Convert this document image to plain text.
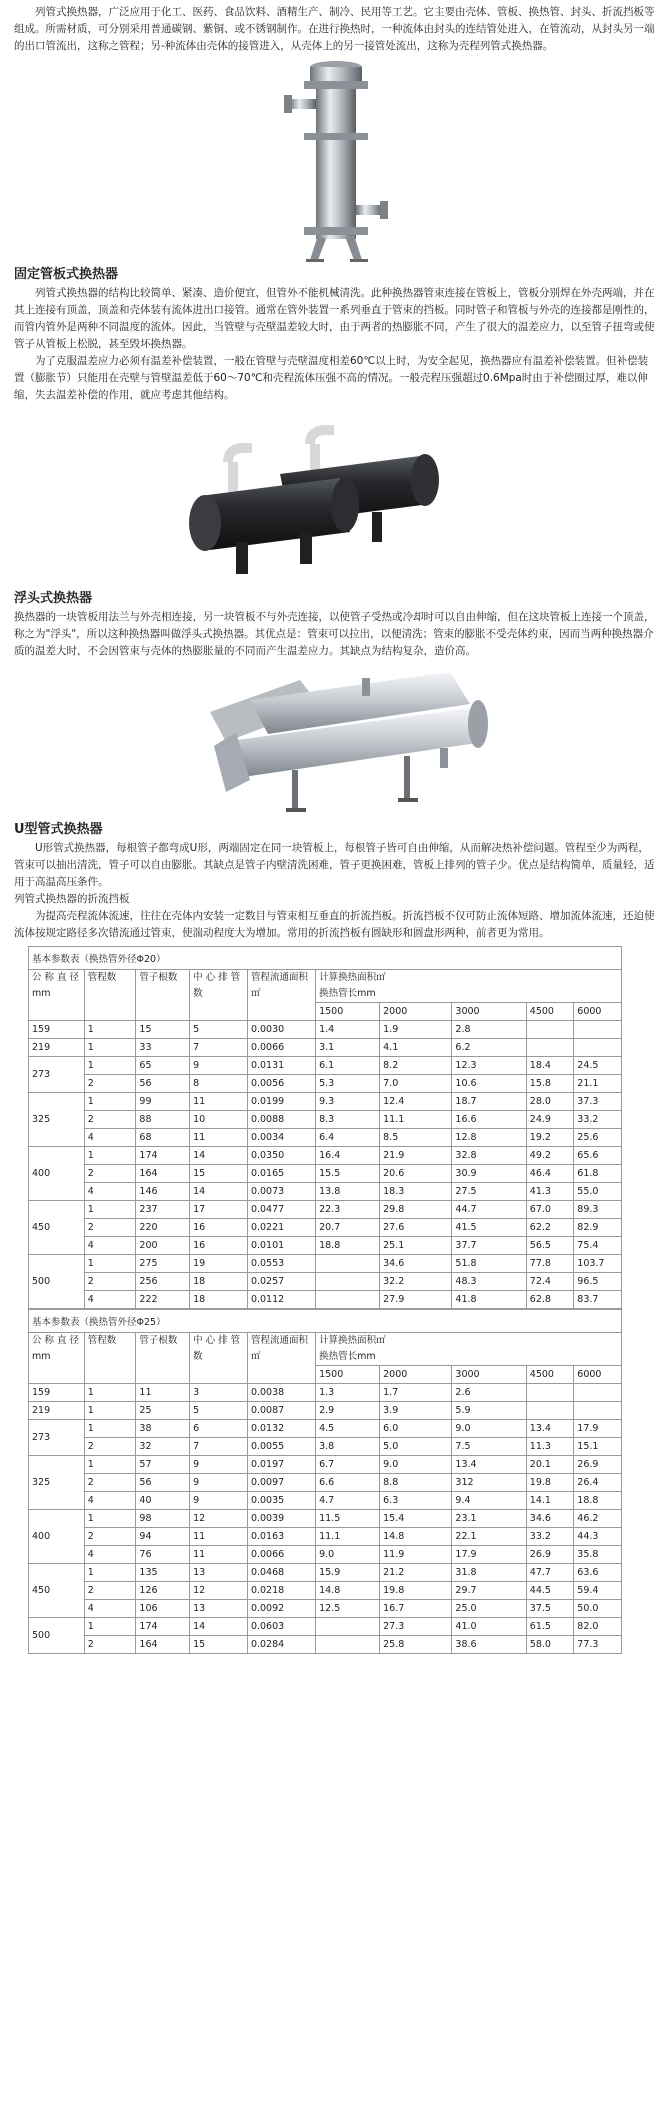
列管式换热器，广泛应用于化工、医药、食品饮料、酒精生产、制冷、民用等工艺。它主要由壳体、管板、换热管、封头、折流挡板等组成。所需材质，可分别采用普通碳钢、紫铜、或不锈钢制作。在进行换热时，一种流体由封头的连结管处进入，在管流动，从封头另一端的出口管流出，这称之管程；另-种流体由壳体的接管进入，从壳体上的另一接管处流出，这称为壳程列管式换热器。

固定管板式换热器

列管式换热器的结构比较简单、紧凑、造价便宜，但管外不能机械清洗。此种换热器管束连接在管板上，管板分别焊在外壳两端，并在其上连接有顶盖，顶盖和壳体装有流体进出口接管。通常在管外装置一系列垂直于管束的挡板。同时管子和管板与外壳的连接都是刚性的，而管内管外是两种不同温度的流体。因此，当管壁与壳壁温差较大时，由于两者的热膨胀不同，产生了很大的温差应力，以至管子扭弯或使管子从管板上松脱，甚至毁坏换热器。

为了克服温差应力必须有温差补偿装置，一般在管壁与壳壁温度相差60℃以上时，为安全起见，换热器应有温差补偿装置。但补偿装置（膨胀节）只能用在壳壁与管壁温差低于60～70℃和壳程流体压强不高的情况。一般壳程压强超过0.6Mpa时由于补偿圈过厚，难以伸缩，失去温差补偿的作用，就应考虑其他结构。

浮头式换热器

换热器的一块管板用法兰与外壳相连接，另一块管板不与外壳连接，以使管子受热或冷却时可以自由伸缩，但在这块管板上连接一个顶盖，称之为"浮头"，所以这种换热器叫做浮头式换热器。其优点是：管束可以拉出，以便清洗；管束的膨胀不受壳体约束，因而当两种换热器介质的温差大时，不会因管束与壳体的热膨胀量的不同而产生温差应力。其缺点为结构复杂，造价高。

U型管式换热器

U形管式换热器，每根管子都弯成U形，两端固定在同一块管板上，每根管子皆可自由伸缩，从而解决热补偿问题。管程至少为两程，管束可以抽出清洗，管子可以自由膨胀。其缺点是管子内壁清洗困难，管子更换困难，管板上排列的管子少。优点是结构简单，质量轻，适用于高温高压条件。

列管式换热器的折流挡板

为提高壳程流体流速，往往在壳体内安装一定数目与管束相互垂直的折流挡板。折流挡板不仅可防止流体短路、增加流体流速，还迫使流体按规定路径多次错流通过管束，使湍动程度大为增加。常用的折流挡板有圆缺形和圆盘形两种，前者更为常用。

基本参数表（换热管外径Φ20）									
公 称 直 径mm	管程数	管子根数	中 心 排 管数	管程流通面积㎡	计算换热面积㎡
换热管长mm				
					1500	2000	3000	4500	6000
159	1	15	5	0.0030	1.4	1.9	2.8		
219	1	33	7	0.0066	3.1	4.1	6.2		
273	1	65	9	0.0131	6.1	8.2	12.3	18.4	24.5
	2	56	8	0.0056	5.3	7.0	10.6	15.8	21.1
325	1	99	11	0.0199	9.3	12.4	18.7	28.0	37.3
	2	88	10	0.0088	8.3	11.1	16.6	24.9	33.2
	4	68	11	0.0034	6.4	8.5	12.8	19.2	25.6
400	1	174	14	0.0350	16.4	21.9	32.8	49.2	65.6
	2	164	15	0.0165	15.5	20.6	30.9	46.4	61.8
	4	146	14	0.0073	13.8	18.3	27.5	41.3	55.0
450	1	237	17	0.0477	22.3	29.8	44.7	67.0	89.3
	2	220	16	0.0221	20.7	27.6	41.5	62.2	82.9
	4	200	16	0.0101	18.8	25.1	37.7	56.5	75.4
500	1	275	19	0.0553		34.6	51.8	77.8	103.7
	2	256	18	0.0257		32.2	48.3	72.4	96.5
	4	222	18	0.0112		27.9	41.8	62.8	83.7
基本参数表（换热管外径Φ25）									
公 称 直 径mm	管程数	管子根数	中 心 排 管数	管程流通面积㎡	计算换热面积㎡
换热管长mm				
					1500	2000	3000	4500	6000
159	1	11	3	0.0038	1.3	1.7	2.6		
219	1	25	5	0.0087	2.9	3.9	5.9		
273	1	38	6	0.0132	4.5	6.0	9.0	13.4	17.9
	2	32	7	0.0055	3.8	5.0	7.5	11.3	15.1
325	1	57	9	0.0197	6.7	9.0	13.4	20.1	26.9
	2	56	9	0.0097	6.6	8.8	312	19.8	26.4
	4	40	9	0.0035	4.7	6.3	9.4	14.1	18.8
400	1	98	12	0.0039	11.5	15.4	23.1	34.6	46.2
	2	94	11	0.0163	11.1	14.8	22.1	33.2	44.3
	4	76	11	0.0066	9.0	11.9	17.9	26.9	35.8
450	1	135	13	0.0468	15.9	21.2	31.8	47.7	63.6
	2	126	12	0.0218	14.8	19.8	29.7	44.5	59.4
	4	106	13	0.0092	12.5	16.7	25.0	37.5	50.0
500	1	174	14	0.0603		27.3	41.0	61.5	82.0
	2	164	15	0.0284		25.8	38.6	58.0	77.3
